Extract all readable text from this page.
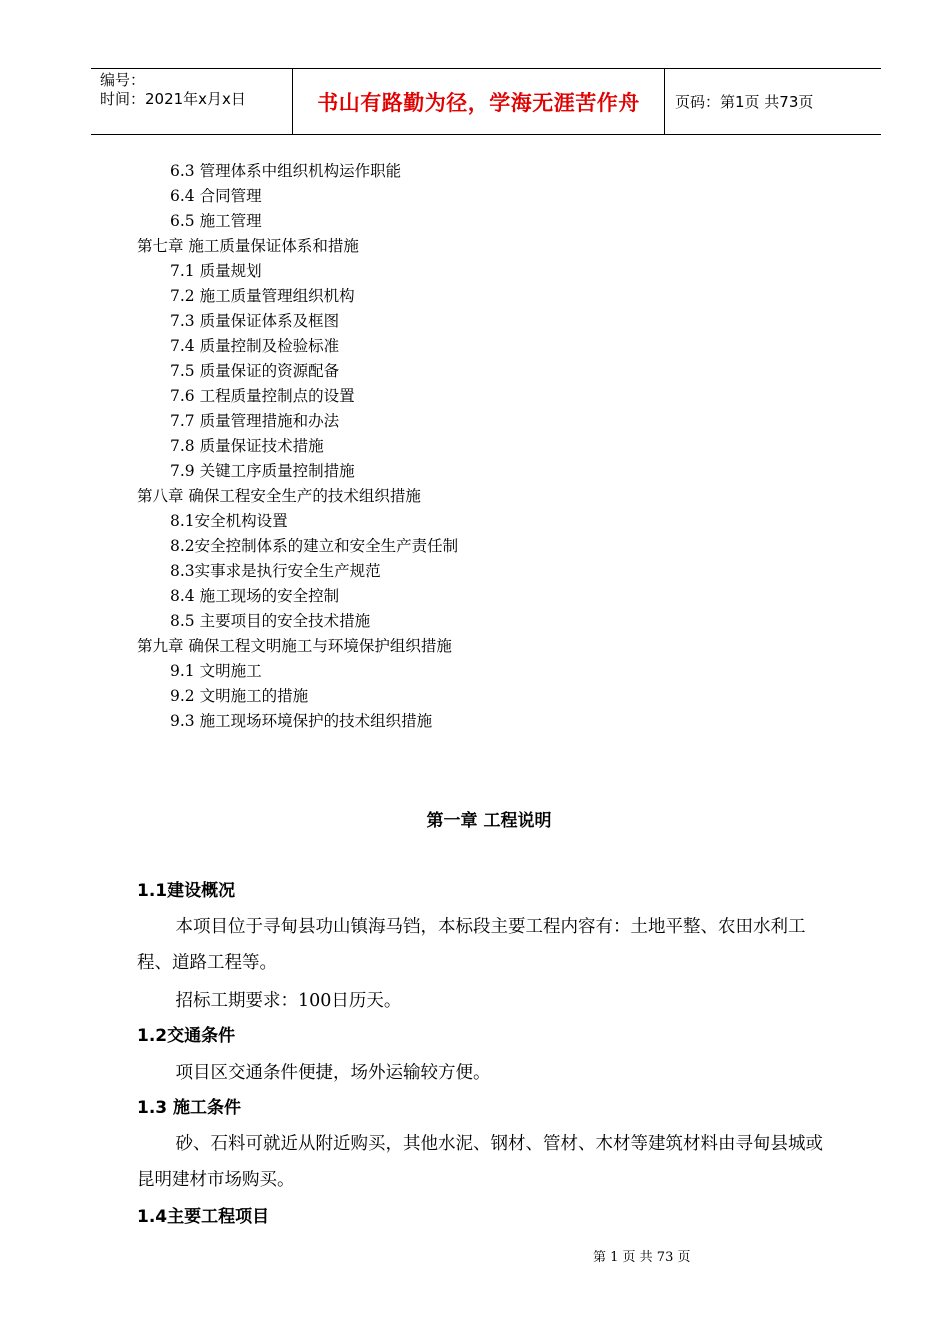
编号：
时间：2021年x月x日	书山有路勤为径，学海无涯苦作舟	页码：第1页 共73页
6.3 管理体系中组织机构运作职能
6.4 合同管理
6.5 施工管理
第七章 施工质量保证体系和措施
7.1 质量规划
7.2 施工质量管理组织机构
7.3 质量保证体系及框图
7.4 质量控制及检验标准
7.5 质量保证的资源配备
7.6 工程质量控制点的设置
7.7 质量管理措施和办法
7.8 质量保证技术措施
7.9 关键工序质量控制措施
第八章 确保工程安全生产的技术组织措施
8.1安全机构设置
8.2安全控制体系的建立和安全生产责任制
8.3实事求是执行安全生产规范
8.4 施工现场的安全控制
8.5 主要项目的安全技术措施
第九章 确保工程文明施工与环境保护组织措施
9.1 文明施工
9.2 文明施工的措施
9.3 施工现场环境保护的技术组织措施
第一章 工程说明
1.1建设概况
本项目位于寻甸县功山镇海马铛，本标段主要工程内容有：土地平整、农田水利工程、道路工程等。
招标工期要求：100日历天。
1.2交通条件
项目区交通条件便捷，场外运输较方便。
1.3 施工条件
砂、石料可就近从附近购买，其他水泥、钢材、管材、木材等建筑材料由寻甸县城或昆明建材市场购买。
1.4主要工程项目
第 1 页 共 73 页
